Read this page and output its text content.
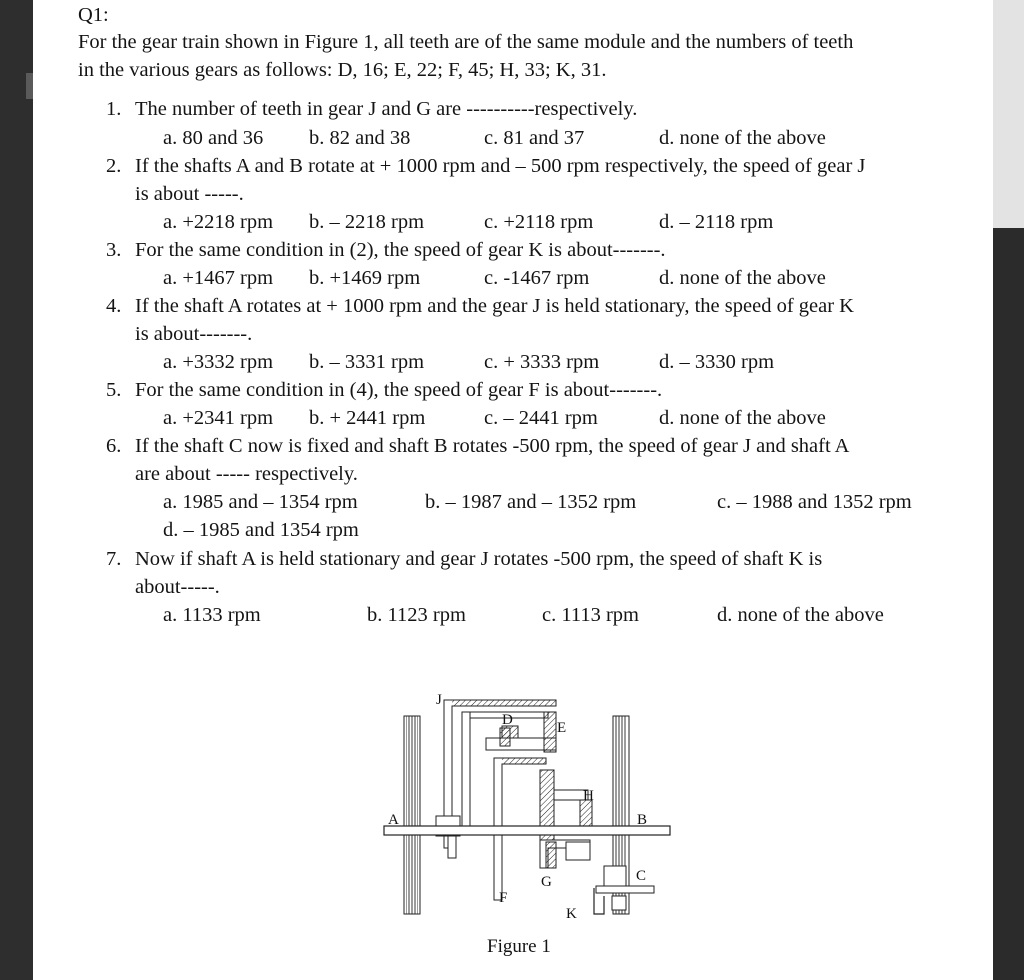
Q1:
For the gear train shown in Figure 1, all teeth are of the same module and the numbers of teeth
in the various gears as follows: D, 16; E, 22; F, 45; H, 33; K, 31.
1. The number of teeth in gear J and G are ----------respectively.
a. 80 and 36 b. 82 and 38	c. 81 and 37	d. none of the above
2. If the shafts A and B rotate at + 1000 rpm and – 500 rpm respectively, the speed of gear J
is about -----.
a. +2218 rpm b. – 2218 rpm	c. +2118 rpm	d. – 2118 rpm
3. For the same condition in (2), the speed of gear K is about-------.
a. +1467 rpm b. +1469 rpm	c. -1467 rpm	d. none of the above
4. If the shaft A rotates at + 1000 rpm and the gear J is held stationary, the speed of gear K
is about-------.
a. +3332 rpm b. – 3331 rpm	c. + 3333 rpm	d. – 3330 rpm
5. For the same condition in (4), the speed of gear F is about-------.
a. +2341 rpm b. + 2441 rpm	c. – 2441 rpm	d. none of the above
6. If the shaft C now is fixed and shaft B rotates -500 rpm, the speed of gear J and shaft A
are about ----- respectively.
a. 1985 and – 1354 rpm	b. – 1987 and – 1352 rpm	c. – 1988 and 1352 rpm
d. – 1985 and 1354 rpm
7. Now if shaft A is held stationary and gear J rotates -500 rpm, the speed of shaft K is
about-----.
a. 1133 rpm	b. 1123 rpm	c. 1113 rpm	d. none of the above
J
D	E
H
A	B
G	C
F
K
Figure 1
